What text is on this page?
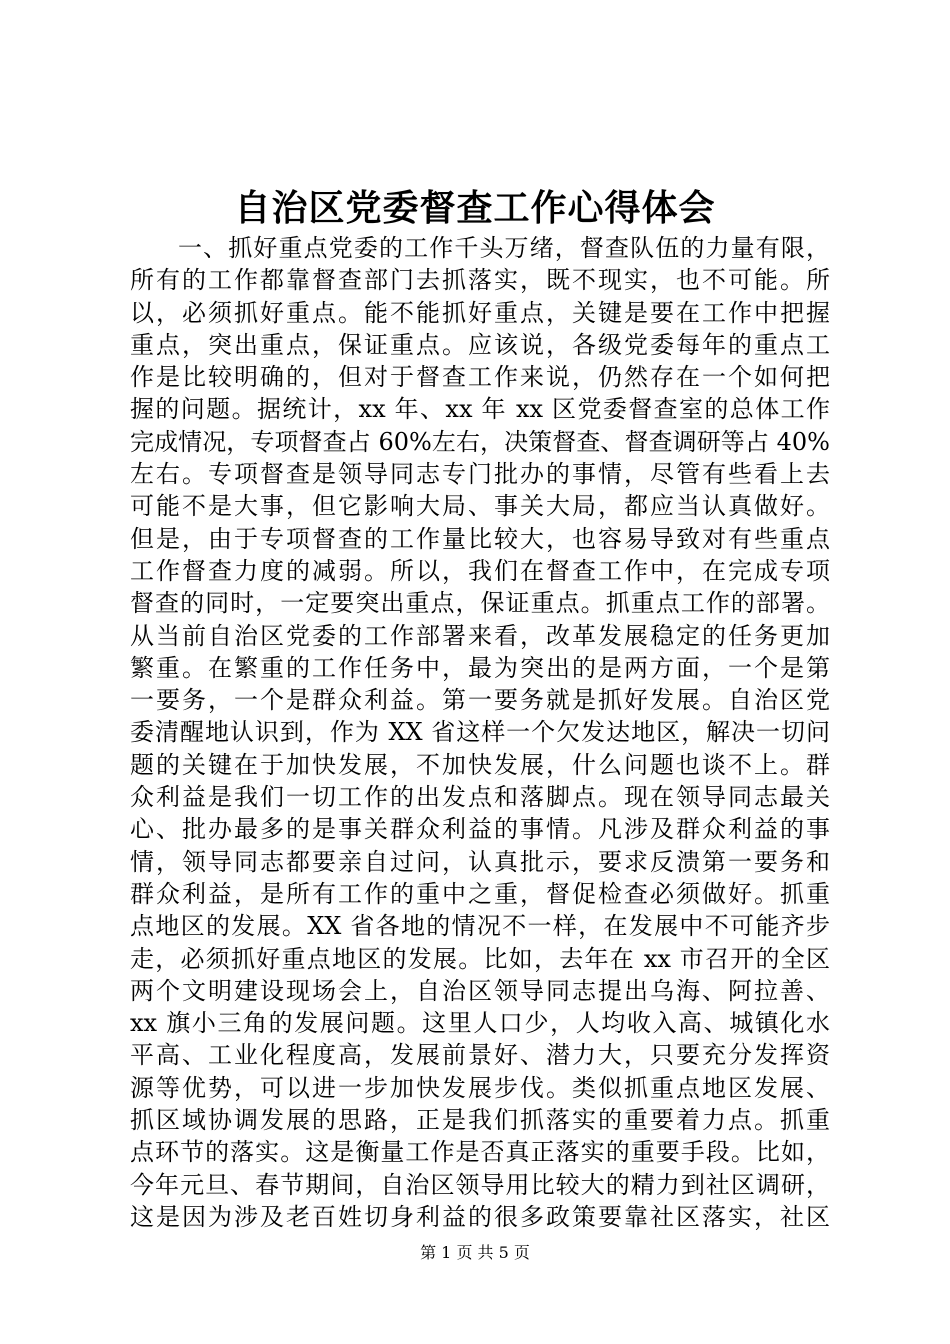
自治区党委督查工作心得体会
一、抓好重点党委的工作千头万绪，督查队伍的力量有限，
所有的工作都靠督查部门去抓落实，既不现实，也不可能。所
以，必须抓好重点。能不能抓好重点，关键是要在工作中把握
重点，突出重点，保证重点。应该说，各级党委每年的重点工
作是比较明确的，但对于督查工作来说，仍然存在一个如何把
握的问题。据统计，xx 年、xx 年 xx 区党委督查室的总体工作
完成情况，专项督查占 60%左右，决策督查、督查调研等占 40%
左右。专项督查是领导同志专门批办的事情，尽管有些看上去
可能不是大事，但它影响大局、事关大局，都应当认真做好。
但是，由于专项督查的工作量比较大，也容易导致对有些重点
工作督查力度的减弱。所以，我们在督查工作中，在完成专项
督查的同时，一定要突出重点，保证重点。抓重点工作的部署。
从当前自治区党委的工作部署来看，改革发展稳定的任务更加
繁重。在繁重的工作任务中，最为突出的是两方面，一个是第
一要务，一个是群众利益。第一要务就是抓好发展。自治区党
委清醒地认识到，作为 XX 省这样一个欠发达地区，解决一切问
题的关键在于加快发展，不加快发展，什么问题也谈不上。群
众利益是我们一切工作的出发点和落脚点。现在领导同志最关
心、批办最多的是事关群众利益的事情。凡涉及群众利益的事
情，领导同志都要亲自过问，认真批示，要求反溃第一要务和
群众利益，是所有工作的重中之重，督促检查必须做好。抓重
点地区的发展。XX 省各地的情况不一样，在发展中不可能齐步
走，必须抓好重点地区的发展。比如，去年在 xx 市召开的全区
两个文明建设现场会上，自治区领导同志提出乌海、阿拉善、
xx 旗小三角的发展问题。这里人口少，人均收入高、城镇化水
平高、工业化程度高，发展前景好、潜力大，只要充分发挥资
源等优势，可以进一步加快发展步伐。类似抓重点地区发展、
抓区域协调发展的思路，正是我们抓落实的重要着力点。抓重
点环节的落实。这是衡量工作是否真正落实的重要手段。比如，
今年元旦、春节期间，自治区领导用比较大的精力到社区调研，
这是因为涉及老百姓切身利益的很多政策要靠社区落实，社区
第 1 页 共 5 页
